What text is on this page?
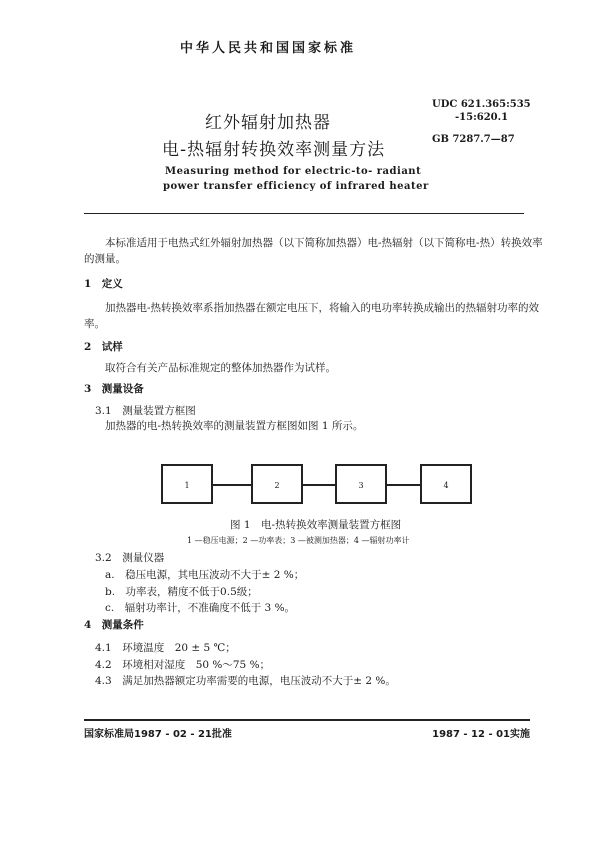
中华人民共和国国家标准
红外辐射加热器
电-热辐射转换效率测量方法
UDC 621.365:535
-15:620.1
GB 7287.7—87
Measuring method for electric-to- radiant
power transfer efficiency of infrared heater
本标准适用于电热式红外辐射加热器（以下简称加热器）电-热辐射（以下简称电-热）转换效率
的测量。
1　定义
加热器电-热转换效率系指加热器在额定电压下，将输入的电功率转换成输出的热辐射功率的效
率。
2　试样
取符合有关产品标准规定的整体加热器作为试样。
3　测量设备
3.1　测量装置方框图
加热器的电-热转换效率的测量装置方框图如图 1 所示。
1	2	3	4
图 1　电-热转换效率测量装置方框图
1 —稳压电源；2 —功率表；3 —被测加热器；4 —辐射功率计
3.2　测量仪器
a.　稳压电源，其电压波动不大于± 2 %；
b.　功率表，精度不低于0.5级；
c.　辐射功率计，不准确度不低于 3 %。
4　测量条件
4.1　环境温度　20 ± 5 ℃；
4.2　环境相对湿度　50 %～75 %；
4.3　满足加热器额定功率需要的电源，电压波动不大于± 2 %。
国家标准局1987 - 02 - 21批准	1987 - 12 - 01实施
